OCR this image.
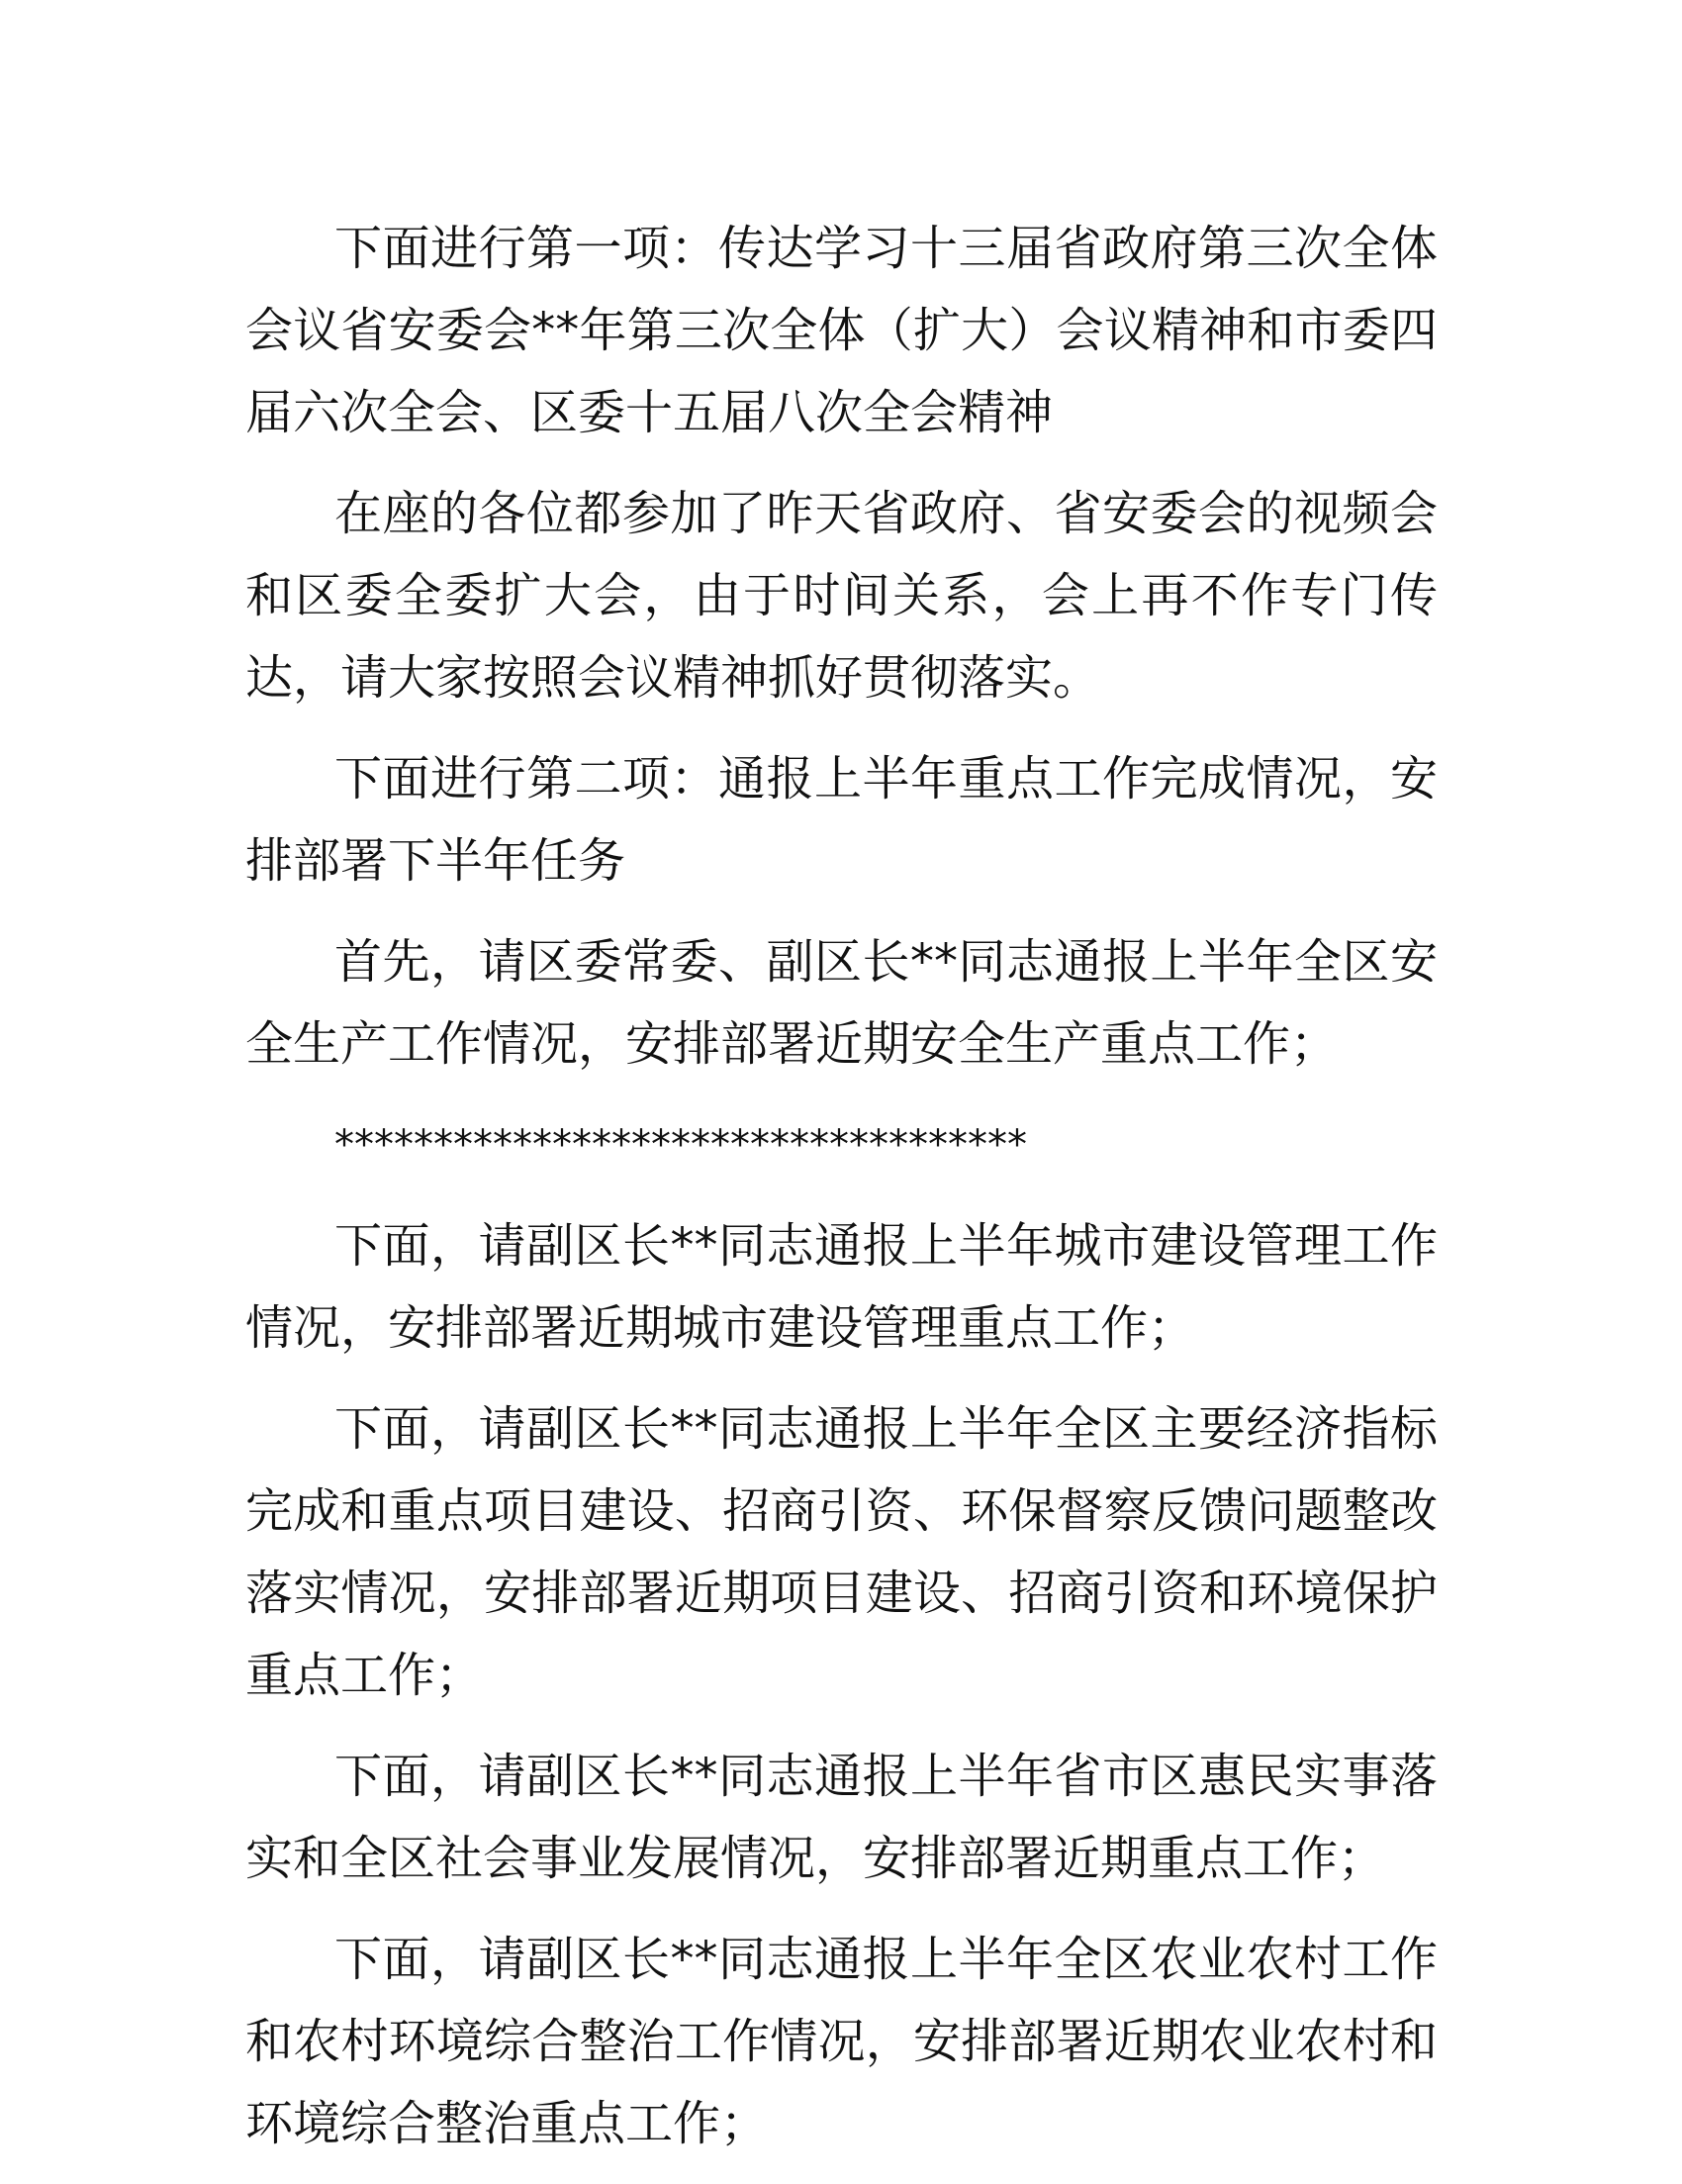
下面进行第一项：传达学习十三届省政府第三次全体会议省安委会**年第三次全体（扩大）会议精神和市委四届六次全会、区委十五届八次全会精神

在座的各位都参加了昨天省政府、省安委会的视频会和区委全委扩大会，由于时间关系，会上再不作专门传达，请大家按照会议精神抓好贯彻落实。

下面进行第二项：通报上半年重点工作完成情况，安排部署下半年任务

首先，请区委常委、副区长**同志通报上半年全区安全生产工作情况，安排部署近期安全生产重点工作；

***********************************

下面，请副区长**同志通报上半年城市建设管理工作情况，安排部署近期城市建设管理重点工作；

下面，请副区长**同志通报上半年全区主要经济指标完成和重点项目建设、招商引资、环保督察反馈问题整改落实情况，安排部署近期项目建设、招商引资和环境保护重点工作；

下面，请副区长**同志通报上半年省市区惠民实事落实和全区社会事业发展情况，安排部署近期重点工作；

下面，请副区长**同志通报上半年全区农业农村工作和农村环境综合整治工作情况，安排部署近期农业农村和环境综合整治重点工作；
